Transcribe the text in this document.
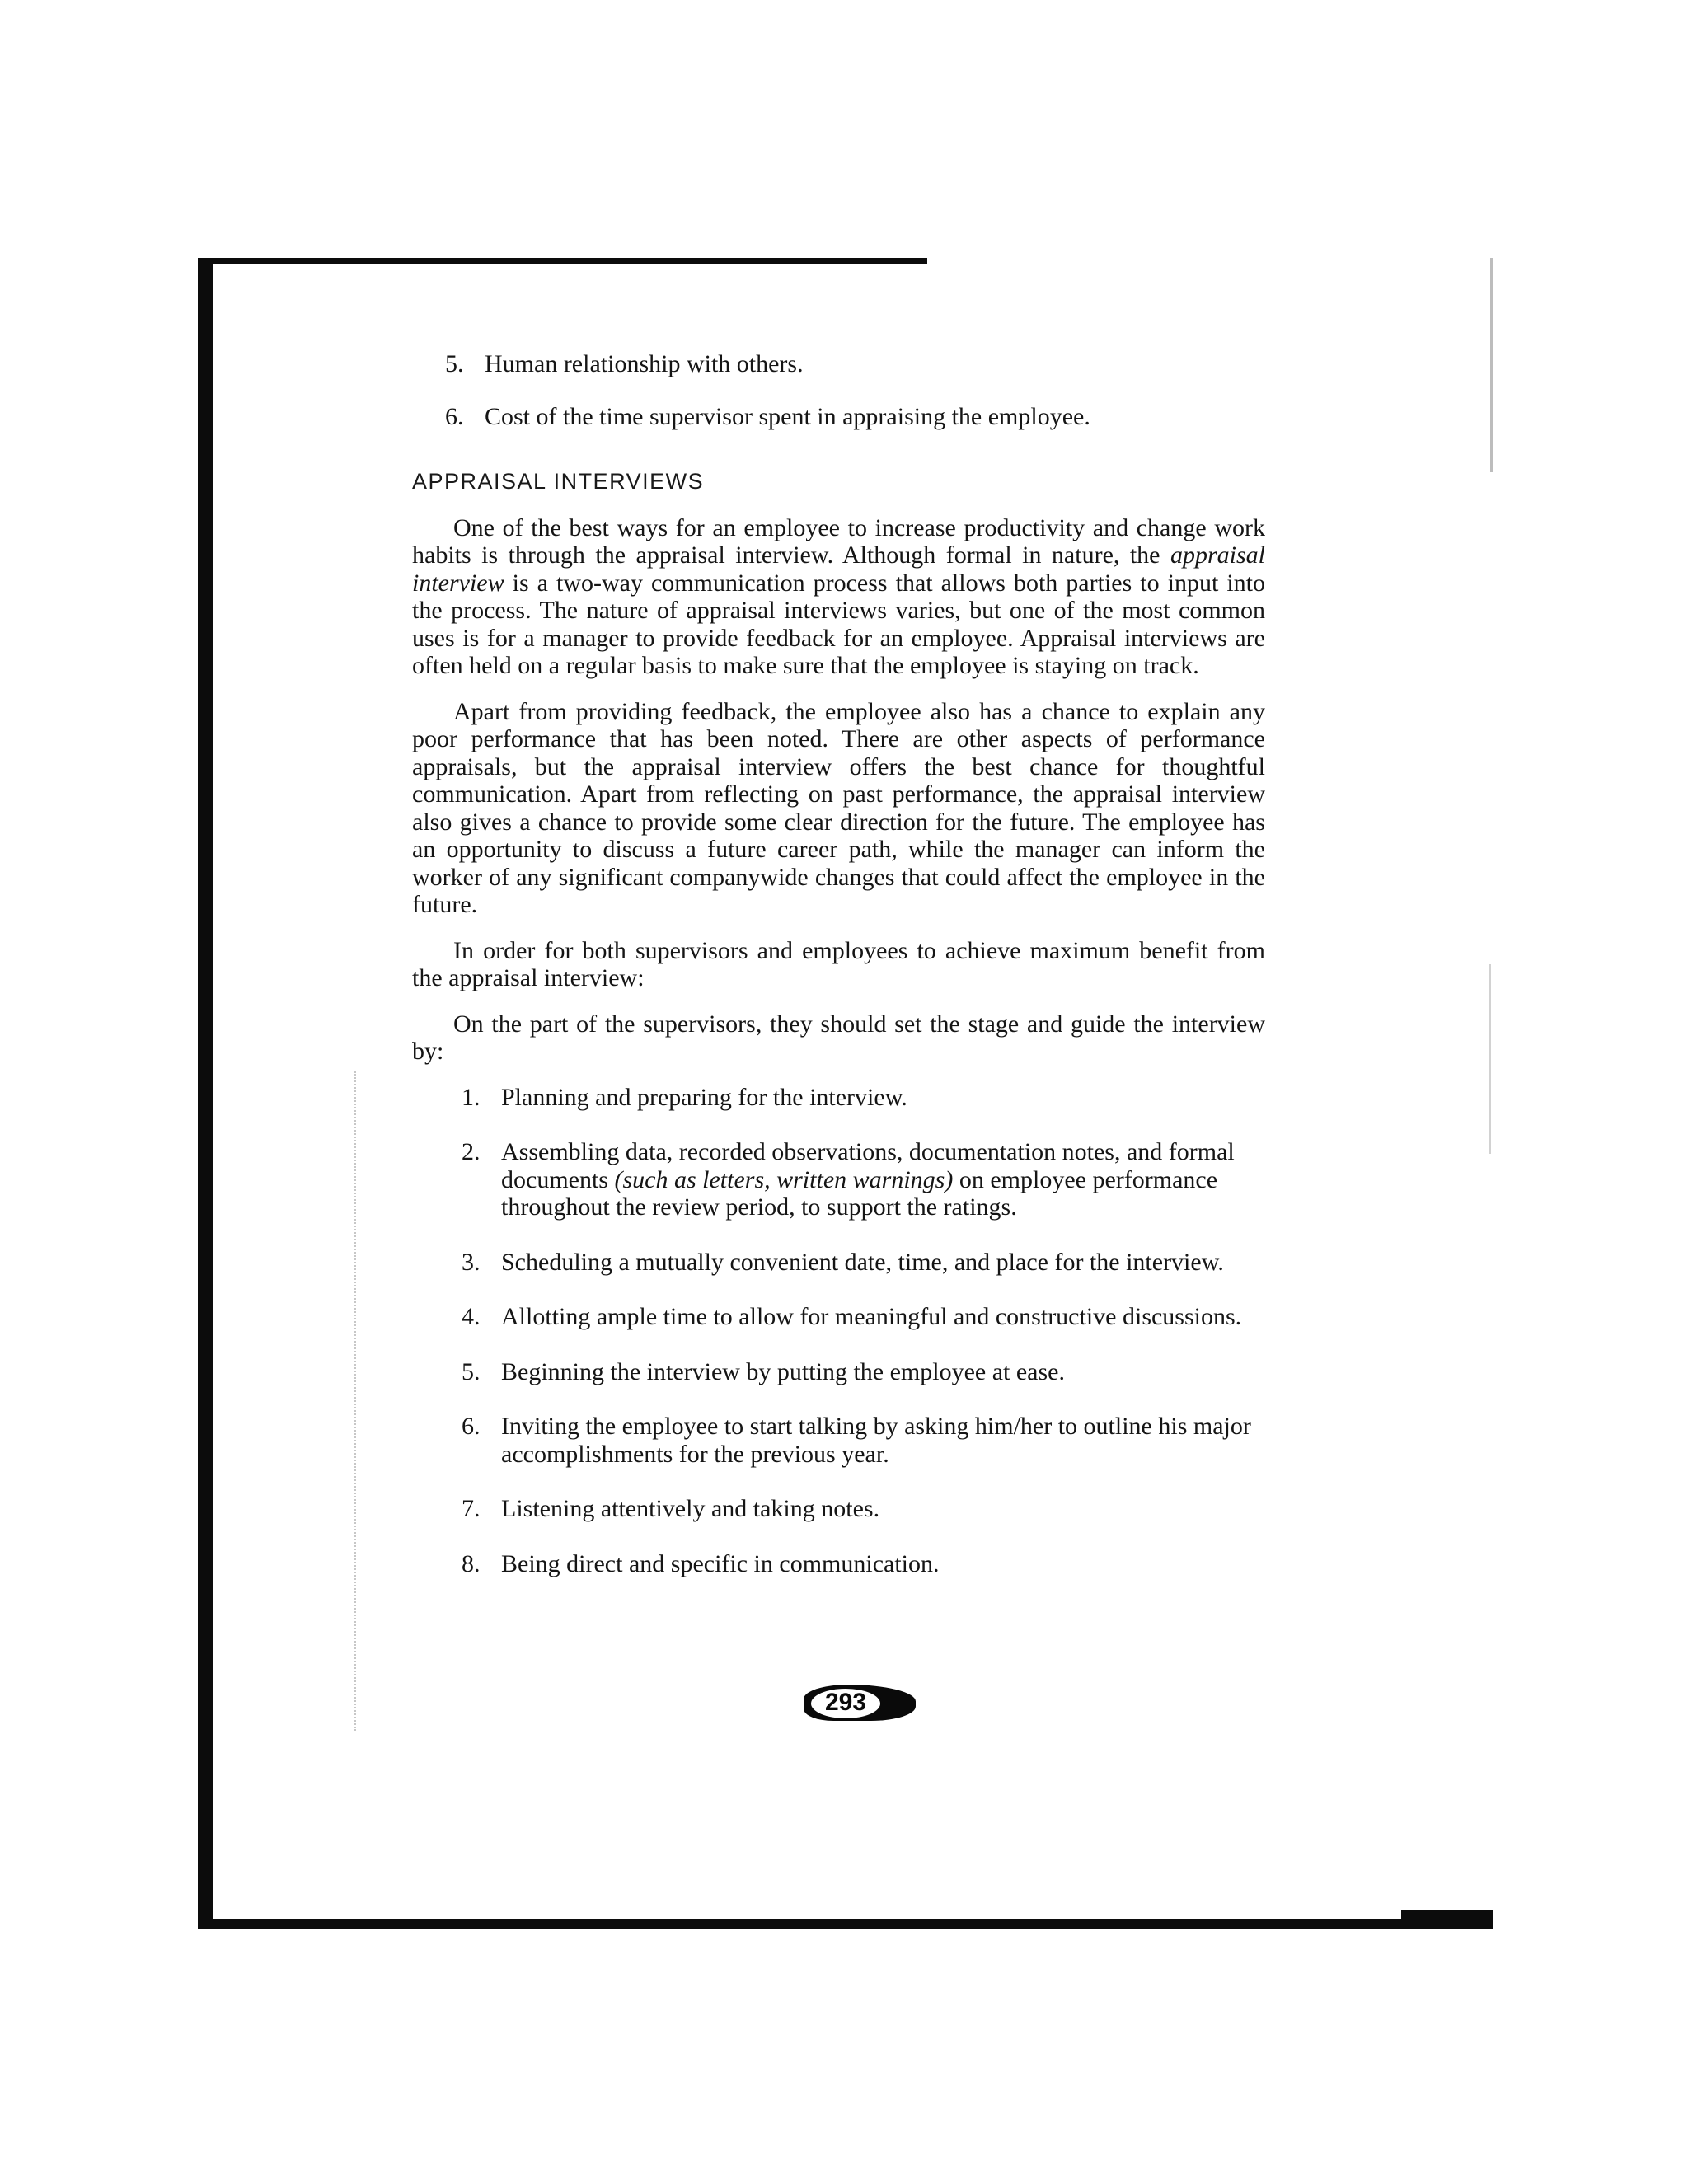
5. Human relationship with others.
6. Cost of the time supervisor spent in appraising the employee.
APPRAISAL INTERVIEWS

One of the best ways for an employee to increase productivity and change work habits is through the appraisal interview. Although formal in nature, the appraisal interview is a two-way communication process that allows both parties to input into the process. The nature of appraisal interviews varies, but one of the most common uses is for a manager to provide feedback for an employee. Appraisal interviews are often held on a regular basis to make sure that the employee is staying on track.

Apart from providing feedback, the employee also has a chance to explain any poor performance that has been noted. There are other aspects of performance appraisals, but the appraisal interview offers the best chance for thoughtful communication. Apart from reflecting on past performance, the appraisal interview also gives a chance to provide some clear direction for the future. The employee has an opportunity to discuss a future career path, while the manager can inform the worker of any significant companywide changes that could affect the employee in the future.

In order for both supervisors and employees to achieve maximum benefit from the appraisal interview:

On the part of the supervisors, they should set the stage and guide the interview by:

1. Planning and preparing for the interview.
2. Assembling data, recorded observations, documentation notes, and formal documents (such as letters, written warnings) on employee performance throughout the review period, to support the ratings.
3. Scheduling a mutually convenient date, time, and place for the interview.
4. Allotting ample time to allow for meaningful and constructive discussions.
5. Beginning the interview by putting the employee at ease.
6. Inviting the employee to start talking by asking him/her to outline his major accomplishments for the previous year.
7. Listening attentively and taking notes.
8. Being direct and specific in communication.
293
